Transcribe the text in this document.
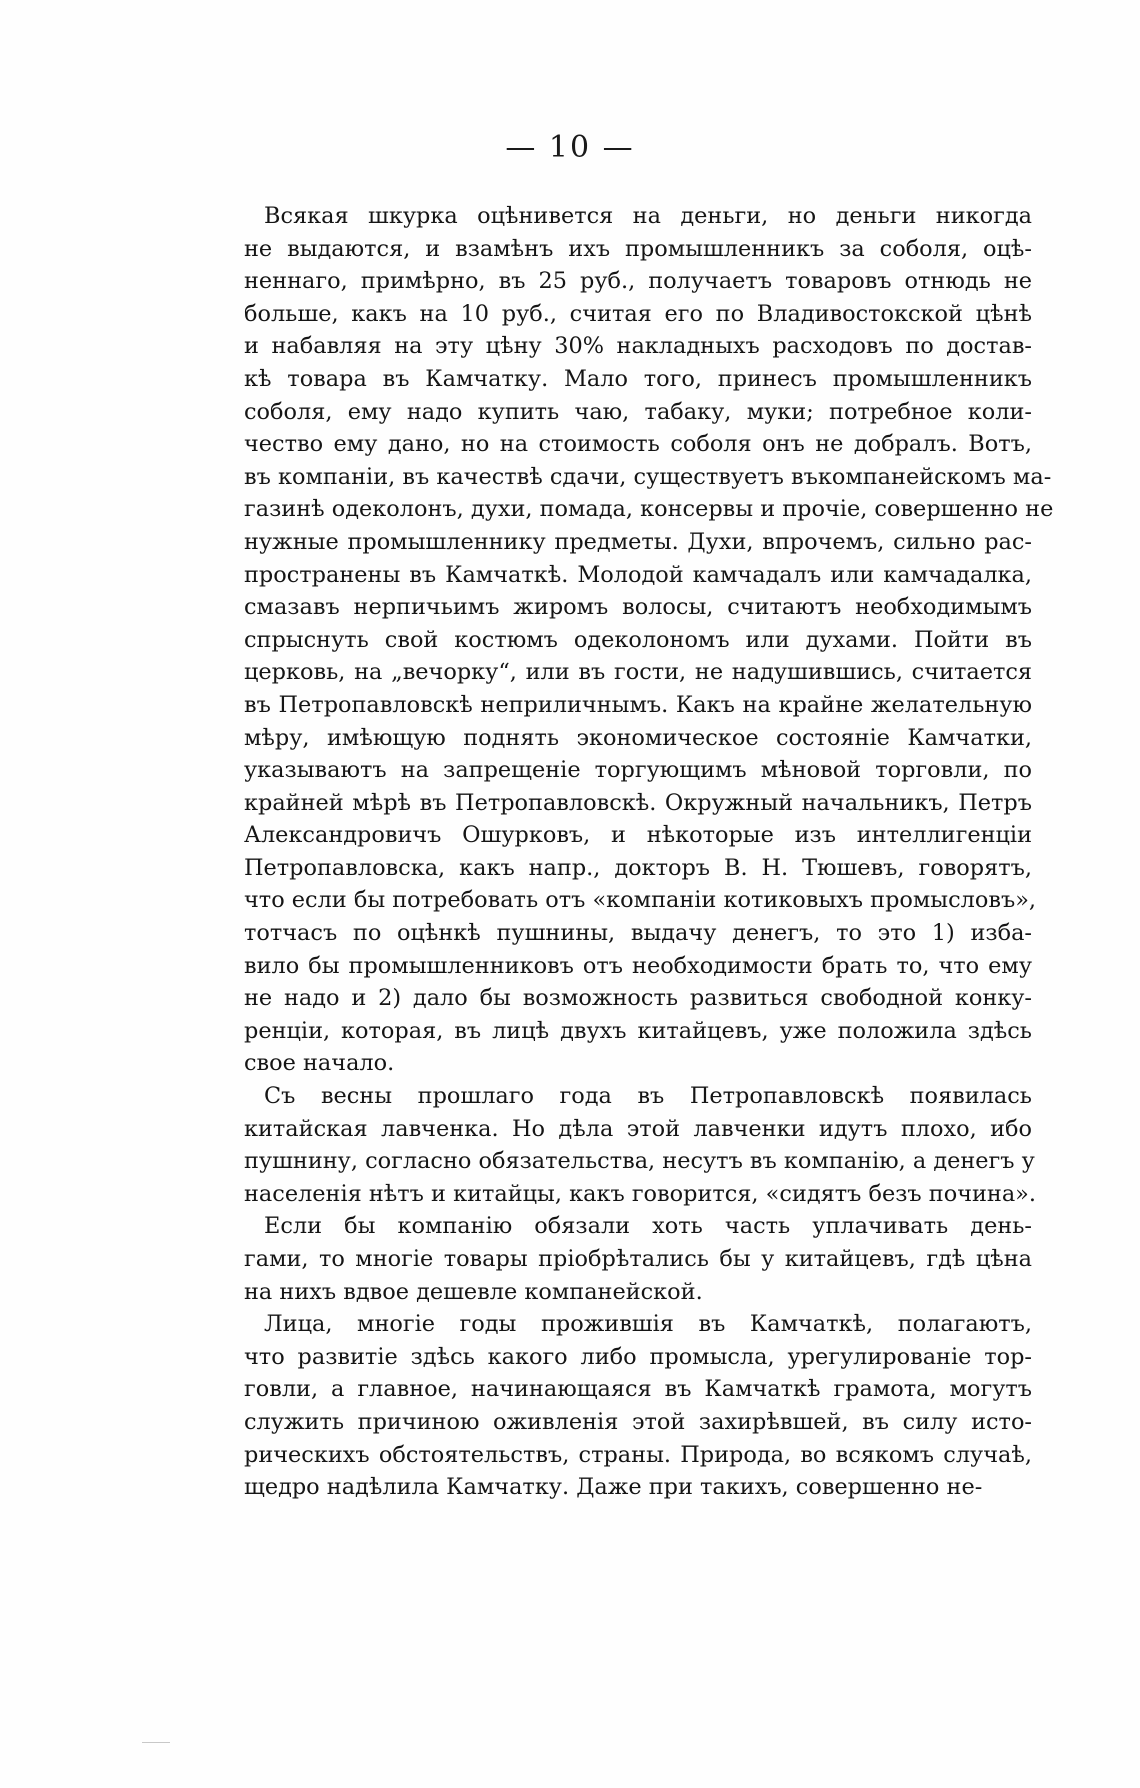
— 10 —
Всякая шкурка оцѣнивется на деньги, но деньги никогда
не выдаются, и взамѣнъ ихъ промышленникъ за соболя, оцѣ-
неннаго, примѣрно, въ 25 руб., получаетъ товаровъ отнюдь не
больше, какъ на 10 руб., считая его по Владивостокской цѣнѣ
и набавляя на эту цѣну 30% накладныхъ расходовъ по достав-
кѣ товара въ Камчатку. Мало того, принесъ промышленникъ
соболя, ему надо купить чаю, табаку, муки; потребное коли-
чество ему дано, но на стоимость соболя онъ не добралъ. Вотъ,
въ компаніи, въ качествѣ сдачи, существуетъ въкомпанейскомъ ма-
газинѣ одеколонъ, духи, помада, консервы и прочіе, совершенно не
нужные промышленнику предметы. Духи, впрочемъ, сильно рас-
пространены въ Камчаткѣ. Молодой камчадалъ или камчадалка,
смазавъ нерпичьимъ жиромъ волосы, считаютъ необходимымъ
спрыснуть свой костюмъ одеколономъ или духами. Пойти въ
церковь, на „вечорку“, или въ гости, не надушившись, считается
въ Петропавловскѣ неприличнымъ. Какъ на крайне желательную
мѣру, имѣющую поднять экономическое состояніе Камчатки,
указываютъ на запрещеніе торгующимъ мѣновой торговли, по
крайней мѣрѣ въ Петропавловскѣ. Окружный начальникъ, Петръ
Александровичъ Ошурковъ, и нѣкоторые изъ интеллигенціи
Петропавловска, какъ напр., докторъ В. Н. Тюшевъ, говорятъ,
что если бы потребовать отъ «компаніи котиковыхъ промысловъ»,
тотчасъ по оцѣнкѣ пушнины, выдачу денегъ, то это 1) изба-
вило бы промышленниковъ отъ необходимости брать то, что ему
не надо и 2) дало бы возможность развиться свободной конку-
ренціи, которая, въ лицѣ двухъ китайцевъ, уже положила здѣсь
свое начало.
Съ весны прошлаго года въ Петропавловскѣ появилась
китайская лавченка. Но дѣла этой лавченки идутъ плохо, ибо
пушнину, согласно обязательства, несутъ въ компанію, а денегъ у
населенія нѣтъ и китайцы, какъ говорится, «сидятъ безъ почина».
Если бы компанію обязали хоть часть уплачивать день-
гами, то многіе товары пріобрѣтались бы у китайцевъ, гдѣ цѣна
на нихъ вдвое дешевле компанейской.
Лица, многіе годы прожившія въ Камчаткѣ, полагаютъ,
что развитіе здѣсь какого либо промысла, урегулированіе тор-
говли, а главное, начинающаяся въ Камчаткѣ грамота, могутъ
служить причиною оживленія этой захирѣвшей, въ силу исто-
рическихъ обстоятельствъ, страны. Природа, во всякомъ случаѣ,
щедро надѣлила Камчатку. Даже при такихъ, совершенно не-
